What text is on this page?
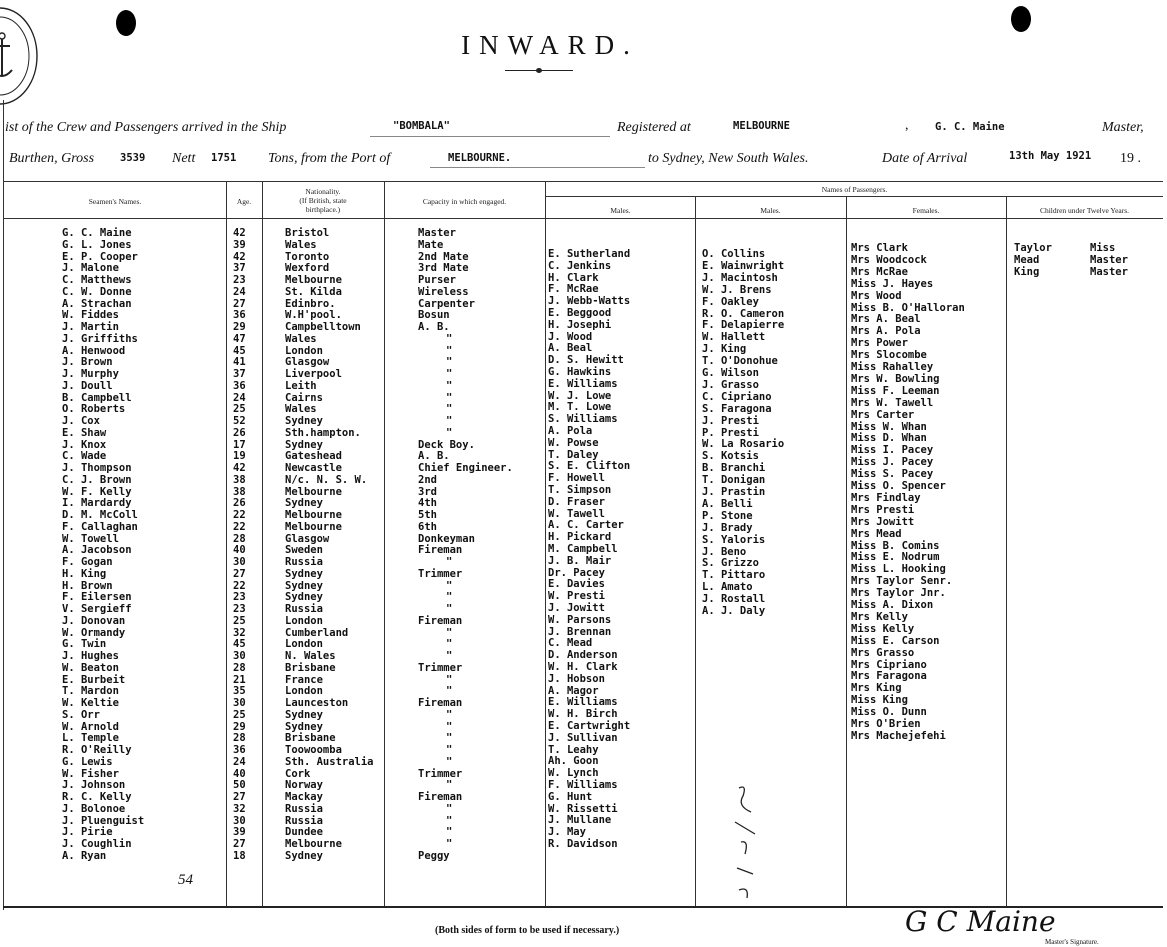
INWARD.
ist of the Crew and Passengers arrived in the Ship	"BOMBALA"	Registered at	MELBOURNE	G. C. Maine	Master,
,
Burthen, Gross 3539 Nett 1751 Tons, from the Port of	MELBOURNE.	to Sydney, New South Wales.	Date of Arrival	13th May 1921 19 .
Seamen's Names.	Age.
Nationality.
(If British, state
birthplace.)
Capacity in which engaged.
Names of Passengers.
Males.	Males.	Females.	Children under Twelve Years.
G. C. Maine	42	Bristol	Master
G. L. Jones	39	Wales	Mate
E. P. Cooper	42	Toronto	2nd Mate
J. Malone	37	Wexford	3rd Mate
C. Matthews	23	Melbourne	Purser
C. W. Donne	24	St. Kilda	Wireless
A. Strachan	27	Edinbro.	Carpenter
W. Fiddes	36	W.H'pool.	Bosun
J. Martin	29	Campbelltown	A. B.
J. Griffiths	47	Wales	"
A. Henwood	45	London	"
J. Brown	41	Glasgow	"
J. Murphy	37	Liverpool	"
J. Doull	36	Leith	"
B. Campbell	24	Cairns	"
O. Roberts	25	Wales	"
J. Cox	52	Sydney	"
E. Shaw	26	Sth.hampton.	"
J. Knox	17	Sydney	Deck Boy.
C. Wade	19	Gateshead	A. B.
J. Thompson	42	Newcastle	Chief Engineer.
C. J. Brown	38	N/c. N. S. W.	2nd
W. F. Kelly	38	Melbourne	3rd
I. Mardardy	26	Sydney	4th
D. M. McColl	22	Melbourne	5th
F. Callaghan	22	Melbourne	6th
W. Towell	28	Glasgow	Donkeyman
A. Jacobson	40	Sweden	Fireman
F. Gogan	30	Russia	"
H. King	27	Sydney	Trimmer
H. Brown	22	Sydney	"
F. Eilersen	23	Sydney	"
V. Sergieff	23	Russia	"
J. Donovan	25	London	Fireman
W. Ormandy	32	Cumberland	"
G. Twin	45	London	"
J. Hughes	30	N. Wales	"
W. Beaton	28	Brisbane	Trimmer
E. Burbeit	21	France	"
T. Mardon	35	London	"
W. Keltie	30	Launceston	Fireman
S. Orr	25	Sydney	"
W. Arnold	29	Sydney	"
L. Temple	28	Brisbane	"
R. O'Reilly	36	Toowoomba	"
G. Lewis	24	Sth. Australia	"
W. Fisher	40	Cork	Trimmer
J. Johnson	50	Norway	"
R. C. Kelly	27	Mackay	Fireman
J. Bolonoe	32	Russia	"
J. Pluenguist	30	Russia	"
J. Pirie	39	Dundee	"
J. Coughlin	27	Melbourne	"
A. Ryan	18	Sydney	Peggy
E. Sutherland
C. Jenkins
H. Clark
F. McRae
J. Webb-Watts
E. Beggood
H. Josephi
J. Wood
A. Beal
D. S. Hewitt
G. Hawkins
E. Williams
W. J. Lowe
M. T. Lowe
S. Williams
A. Pola
W. Powse
T. Daley
S. E. Clifton
F. Howell
T. Simpson
D. Fraser
W. Tawell
A. C. Carter
H. Pickard
M. Campbell
J. B. Mair
Dr. Pacey
E. Davies
W. Presti
J. Jowitt
W. Parsons
J. Brennan
C. Mead
D. Anderson
W. H. Clark
J. Hobson
A. Magor
E. Williams
W. H. Birch
E. Cartwright
J. Sullivan
T. Leahy
Ah. Goon
W. Lynch
F. Williams
G. Hunt
W. Rissetti
J. Mullane
J. May
R. Davidson
O. Collins
E. Wainwright
J. Macintosh
W. J. Brens
F. Oakley
R. O. Cameron
F. Delapierre
W. Hallett
J. King
T. O'Donohue
G. Wilson
J. Grasso
C. Cipriano
S. Faragona
J. Presti
P. Presti
W. La Rosario
S. Kotsis
B. Branchi
T. Donigan
J. Prastin
A. Belli
P. Stone
J. Brady
S. Yaloris
J. Beno
S. Grizzo
T. Pittaro
L. Amato
J. Rostall
A. J. Daly
Mrs Clark
Mrs Woodcock
Mrs McRae
Miss J. Hayes
Mrs Wood
Miss B. O'Halloran
Mrs A. Beal
Mrs A. Pola
Mrs Power
Mrs Slocombe
Miss Rahalley
Mrs W. Bowling
Miss F. Leeman
Mrs W. Tawell
Mrs Carter
Miss W. Whan
Miss D. Whan
Miss I. Pacey
Miss J. Pacey
Miss S. Pacey
Miss O. Spencer
Mrs Findlay
Mrs Presti
Mrs Jowitt
Mrs Mead
Miss B. Comins
Miss E. Nodrum
Miss L. Hooking
Mrs Taylor Senr.
Mrs Taylor Jnr.
Miss A. Dixon
Mrs Kelly
Miss Kelly
Miss E. Carson
Mrs Grasso
Mrs Cipriano
Mrs Faragona
Mrs King
Miss King
Miss O. Dunn
Mrs O'Brien
Mrs Machejefehi
Taylor	Miss
Mead	Master
King	Master
54
(Both sides of form to be used if necessary.)	G C Maine
Master's Signature.
